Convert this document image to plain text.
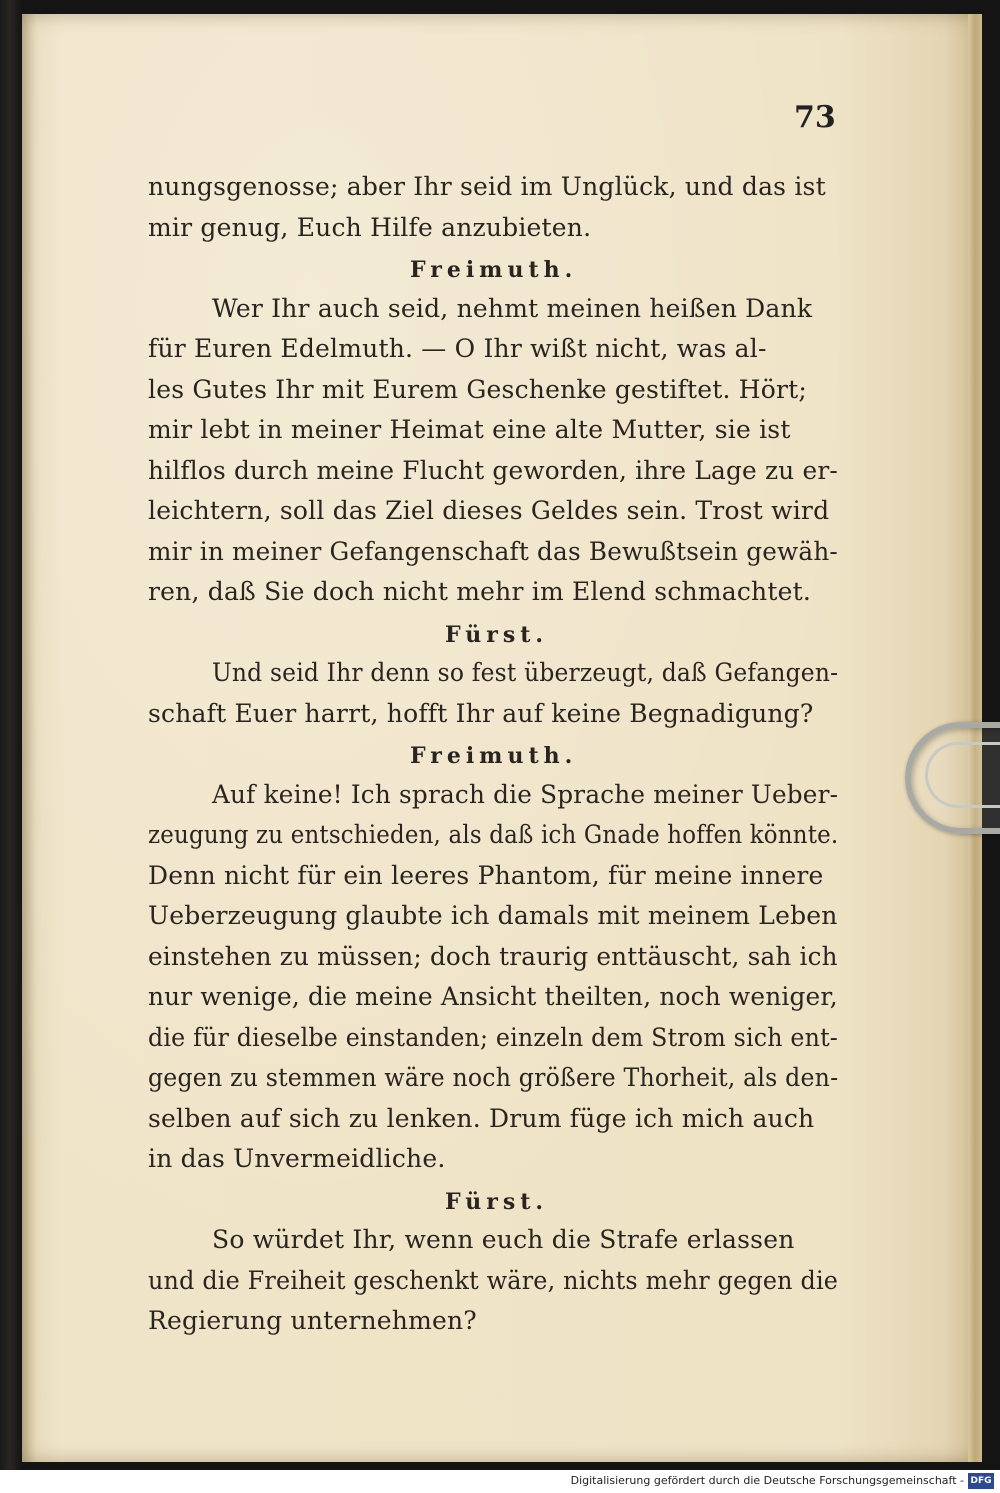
73
nungsgenosse; aber Ihr seid im Unglück, und das ist
mir genug, Euch Hilfe anzubieten.
Freimuth.
Wer Ihr auch seid, nehmt meinen heißen Dank
für Euren Edelmuth. — O Ihr wißt nicht, was al-
les Gutes Ihr mit Eurem Geschenke gestiftet. Hört;
mir lebt in meiner Heimat eine alte Mutter, sie ist
hilflos durch meine Flucht geworden, ihre Lage zu er-
leichtern, soll das Ziel dieses Geldes sein. Trost wird
mir in meiner Gefangenschaft das Bewußtsein gewäh-
ren, daß Sie doch nicht mehr im Elend schmachtet.
Fürst.
Und seid Ihr denn so fest überzeugt, daß Gefangen-
schaft Euer harrt, hofft Ihr auf keine Begnadigung?
Freimuth.
Auf keine! Ich sprach die Sprache meiner Ueber-
zeugung zu entschieden, als daß ich Gnade hoffen könnte.
Denn nicht für ein leeres Phantom, für meine innere
Ueberzeugung glaubte ich damals mit meinem Leben
einstehen zu müssen; doch traurig enttäuscht, sah ich
nur wenige, die meine Ansicht theilten, noch weniger,
die für dieselbe einstanden; einzeln dem Strom sich ent-
gegen zu stemmen wäre noch größere Thorheit, als den-
selben auf sich zu lenken. Drum füge ich mich auch
in das Unvermeidliche.
Fürst.
So würdet Ihr, wenn euch die Strafe erlassen
und die Freiheit geschenkt wäre, nichts mehr gegen die
Regierung unternehmen?
Digitalisierung gefördert durch die Deutsche Forschungsgemeinschaft - DFG
